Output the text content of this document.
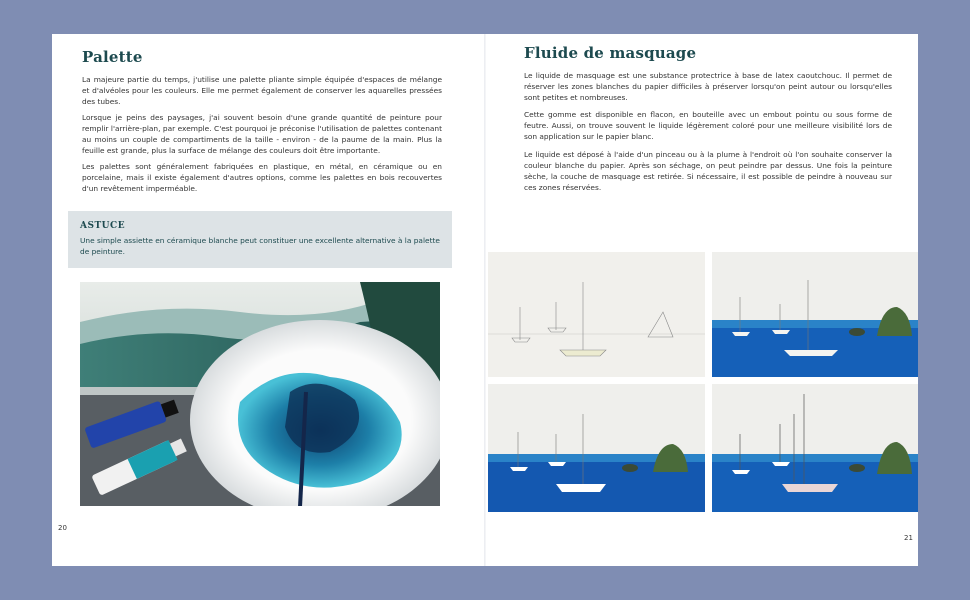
Palette

La majeure partie du temps, j'utilise une palette pliante simple équipée d'espaces de mélange et d'alvéoles pour les couleurs. Elle me permet également de conserver les aquarelles pressées des tubes.

Lorsque je peins des paysages, j'ai souvent besoin d'une grande quantité de peinture pour remplir l'arrière-plan, par exemple. C'est pourquoi je préconise l'utilisation de palettes contenant au moins un couple de compartiments de la taille - environ - de la paume de la main. Plus la feuille est grande, plus la surface de mélange des couleurs doit être importante.

Les palettes sont généralement fabriquées en plastique, en métal, en céramique ou en porcelaine, mais il existe également d'autres options, comme les palettes en bois recouvertes d'un revêtement imperméable.

ASTUCE

Une simple assiette en céramique blanche peut constituer une excellente alternative à la palette de peinture.

20
Fluide de masquage

Le liquide de masquage est une substance protectrice à base de latex caoutchouc. Il permet de réserver les zones blanches du papier difficiles à préserver lorsqu'on peint autour ou lorsqu'elles sont petites et nombreuses.

Cette gomme est disponible en flacon, en bouteille avec un embout pointu ou sous forme de feutre. Aussi, on trouve souvent le liquide légèrement coloré pour une meilleure visibilité lors de son application sur le papier blanc.

Le liquide est déposé à l'aide d'un pinceau ou à la plume à l'endroit où l'on souhaite conserver la couleur blanche du papier. Après son séchage, on peut peindre par dessus. Une fois la peinture sèche, la couche de masquage est retirée. Si nécessaire, il est possible de peindre à nouveau sur ces zones réservées.

21
